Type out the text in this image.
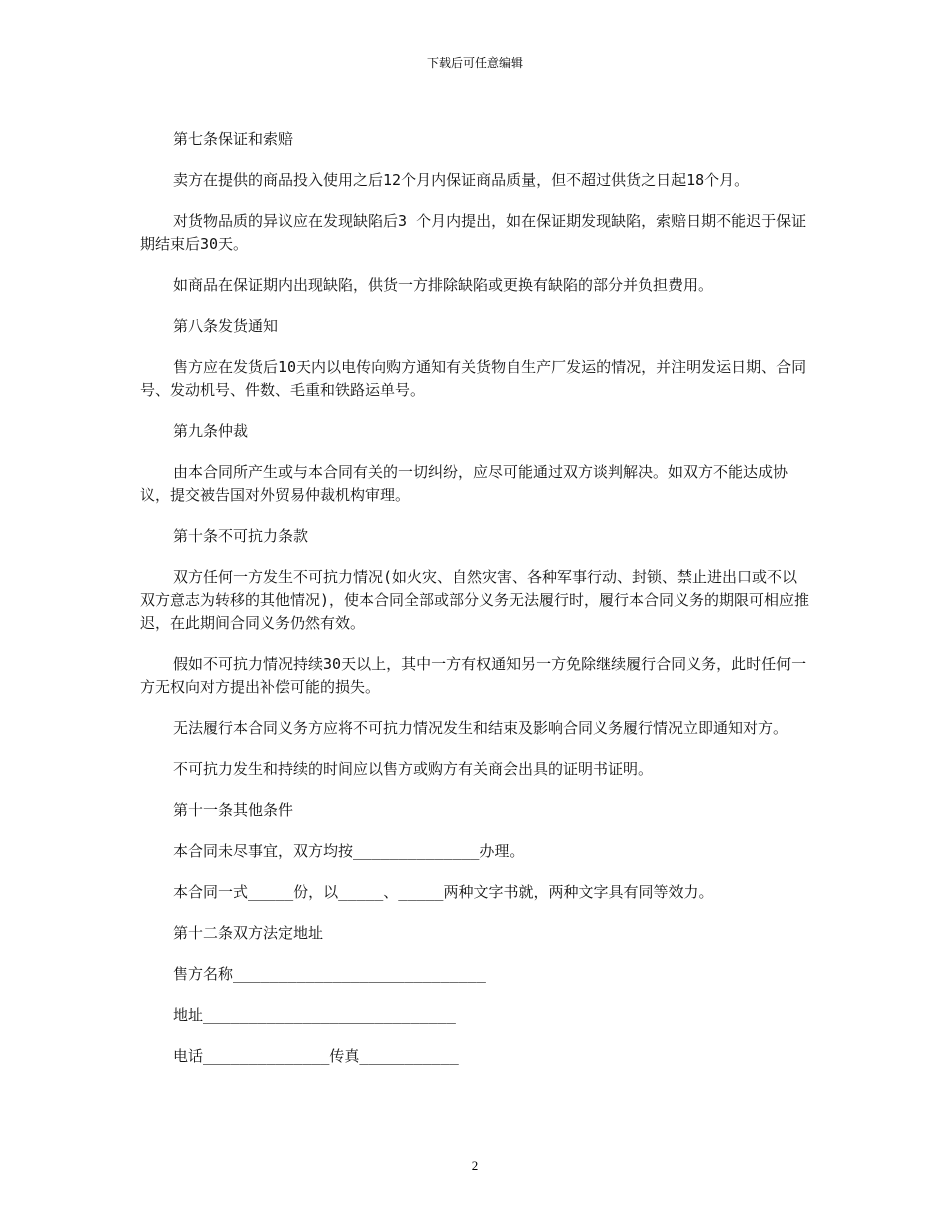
下载后可任意编辑

第七条保证和索赔

卖方在提供的商品投入使用之后12个月内保证商品质量，但不超过供货之日起18个月。

对货物品质的异议应在发现缺陷后3 个月内提出，如在保证期发现缺陷，索赔日期不能迟于保证期结束后30天。

如商品在保证期内出现缺陷，供货一方排除缺陷或更换有缺陷的部分并负担费用。

第八条发货通知

售方应在发货后10天内以电传向购方通知有关货物自生产厂发运的情况，并注明发运日期、合同号、发动机号、件数、毛重和铁路运单号。

第九条仲裁

由本合同所产生或与本合同有关的一切纠纷，应尽可能通过双方谈判解决。如双方不能达成协议，提交被告国对外贸易仲裁机构审理。

第十条不可抗力条款

双方任何一方发生不可抗力情况(如火灾、自然灾害、各种军事行动、封锁、禁止进出口或不以双方意志为转移的其他情况)，使本合同全部或部分义务无法履行时，履行本合同义务的期限可相应推迟，在此期间合同义务仍然有效。

假如不可抗力情况持续30天以上，其中一方有权通知另一方免除继续履行合同义务，此时任何一方无权向对方提出补偿可能的损失。

无法履行本合同义务方应将不可抗力情况发生和结束及影响合同义务履行情况立即通知对方。

不可抗力发生和持续的时间应以售方或购方有关商会出具的证明书证明。

第十一条其他条件

本合同未尽事宜，双方均按______________办理。

本合同一式_____份，以_____、_____两种文字书就，两种文字具有同等效力。

第十二条双方法定地址

售方名称____________________________

地址____________________________

电话______________传真___________

2
